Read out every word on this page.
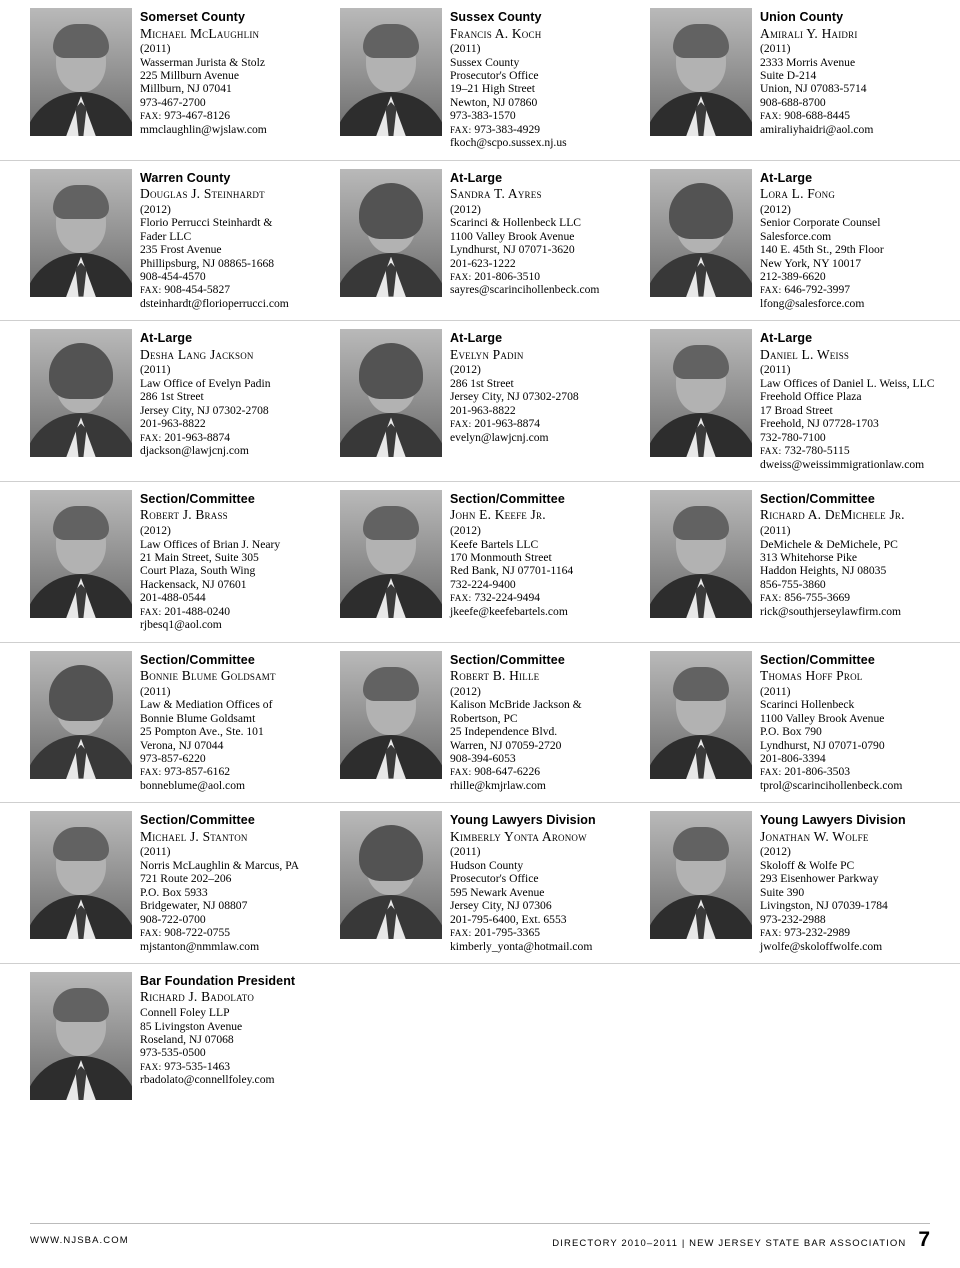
Somerset County
Michael McLaughlin
(2011)
Wasserman Jurista & Stolz
225 Millburn Avenue
Millburn, NJ 07041
973-467-2700
FAX: 973-467-8126
mmclaughlin@wjslaw.com
Sussex County
Francis A. Koch
(2011)
Sussex County
Prosecutor's Office
19–21 High Street
Newton, NJ 07860
973-383-1570
FAX: 973-383-4929
fkoch@scpo.sussex.nj.us
Union County
Amirali Y. Haidri
(2011)
2333 Morris Avenue
Suite D-214
Union, NJ 07083-5714
908-688-8700
FAX: 908-688-8445
amiraliyhaidri@aol.com
Warren County
Douglas J. Steinhardt
(2012)
Florio Perrucci Steinhardt &
Fader LLC
235 Frost Avenue
Phillipsburg, NJ 08865-1668
908-454-4570
FAX: 908-454-5827
dsteinhardt@florioperrucci.com
At-Large
Sandra T. Ayres
(2012)
Scarinci & Hollenbeck LLC
1100 Valley Brook Avenue
Lyndhurst, NJ 07071-3620
201-623-1222
FAX: 201-806-3510
sayres@scarincihollenbeck.com
At-Large
Lora L. Fong
(2012)
Senior Corporate Counsel
Salesforce.com
140 E. 45th St., 29th Floor
New York, NY 10017
212-389-6620
FAX: 646-792-3997
lfong@salesforce.com
At-Large
Desha Lang Jackson
(2011)
Law Office of Evelyn Padin
286 1st Street
Jersey City, NJ 07302-2708
201-963-8822
FAX: 201-963-8874
djackson@lawjcnj.com
At-Large
Evelyn Padin
(2012)
286 1st Street
Jersey City, NJ 07302-2708
201-963-8822
FAX: 201-963-8874
evelyn@lawjcnj.com
At-Large
Daniel L. Weiss
(2011)
Law Offices of Daniel L. Weiss, LLC
Freehold Office Plaza
17 Broad Street
Freehold, NJ 07728-1703
732-780-7100
FAX: 732-780-5115
dweiss@weissimmigrationlaw.com
Section/Committee
Robert J. Brass
(2012)
Law Offices of Brian J. Neary
21 Main Street, Suite 305
Court Plaza, South Wing
Hackensack, NJ 07601
201-488-0544
FAX: 201-488-0240
rjbesq1@aol.com
Section/Committee
John E. Keefe Jr.
(2012)
Keefe Bartels LLC
170 Monmouth Street
Red Bank, NJ 07701-1164
732-224-9400
FAX: 732-224-9494
jkeefe@keefebartels.com
Section/Committee
Richard A. DeMichele Jr.
(2011)
DeMichele & DeMichele, PC
313 Whitehorse Pike
Haddon Heights, NJ 08035
856-755-3860
FAX: 856-755-3669
rick@southjerseylawfirm.com
Section/Committee
Bonnie Blume Goldsamt
(2011)
Law & Mediation Offices of
Bonnie Blume Goldsamt
25 Pompton Ave., Ste. 101
Verona, NJ 07044
973-857-6220
FAX: 973-857-6162
bonneblume@aol.com
Section/Committee
Robert B. Hille
(2012)
Kalison McBride Jackson &
Robertson, PC
25 Independence Blvd.
Warren, NJ 07059-2720
908-394-6053
FAX: 908-647-6226
rhille@kmjrlaw.com
Section/Committee
Thomas Hoff Prol
(2011)
Scarinci Hollenbeck
1100 Valley Brook Avenue
P.O. Box 790
Lyndhurst, NJ 07071-0790
201-806-3394
FAX: 201-806-3503
tprol@scarincihollenbeck.com
Section/Committee
Michael J. Stanton
(2011)
Norris McLaughlin & Marcus, PA
721 Route 202–206
P.O. Box 5933
Bridgewater, NJ 08807
908-722-0700
FAX: 908-722-0755
mjstanton@nmmlaw.com
Young Lawyers Division
Kimberly Yonta Aronow
(2011)
Hudson County
Prosecutor's Office
595 Newark Avenue
Jersey City, NJ 07306
201-795-6400, Ext. 6553
FAX: 201-795-3365
kimberly_yonta@hotmail.com
Young Lawyers Division
Jonathan W. Wolfe
(2012)
Skoloff & Wolfe PC
293 Eisenhower Parkway
Suite 390
Livingston, NJ 07039-1784
973-232-2988
FAX: 973-232-2989
jwolfe@skoloffwolfe.com
Bar Foundation President
Richard J. Badolato
Connell Foley LLP
85 Livingston Avenue
Roseland, NJ 07068
973-535-0500
FAX: 973-535-1463
rbadolato@connellfoley.com
WWW.NJSBA.COM	DIRECTORY 2010–2011 | NEW JERSEY STATE BAR ASSOCIATION 7
